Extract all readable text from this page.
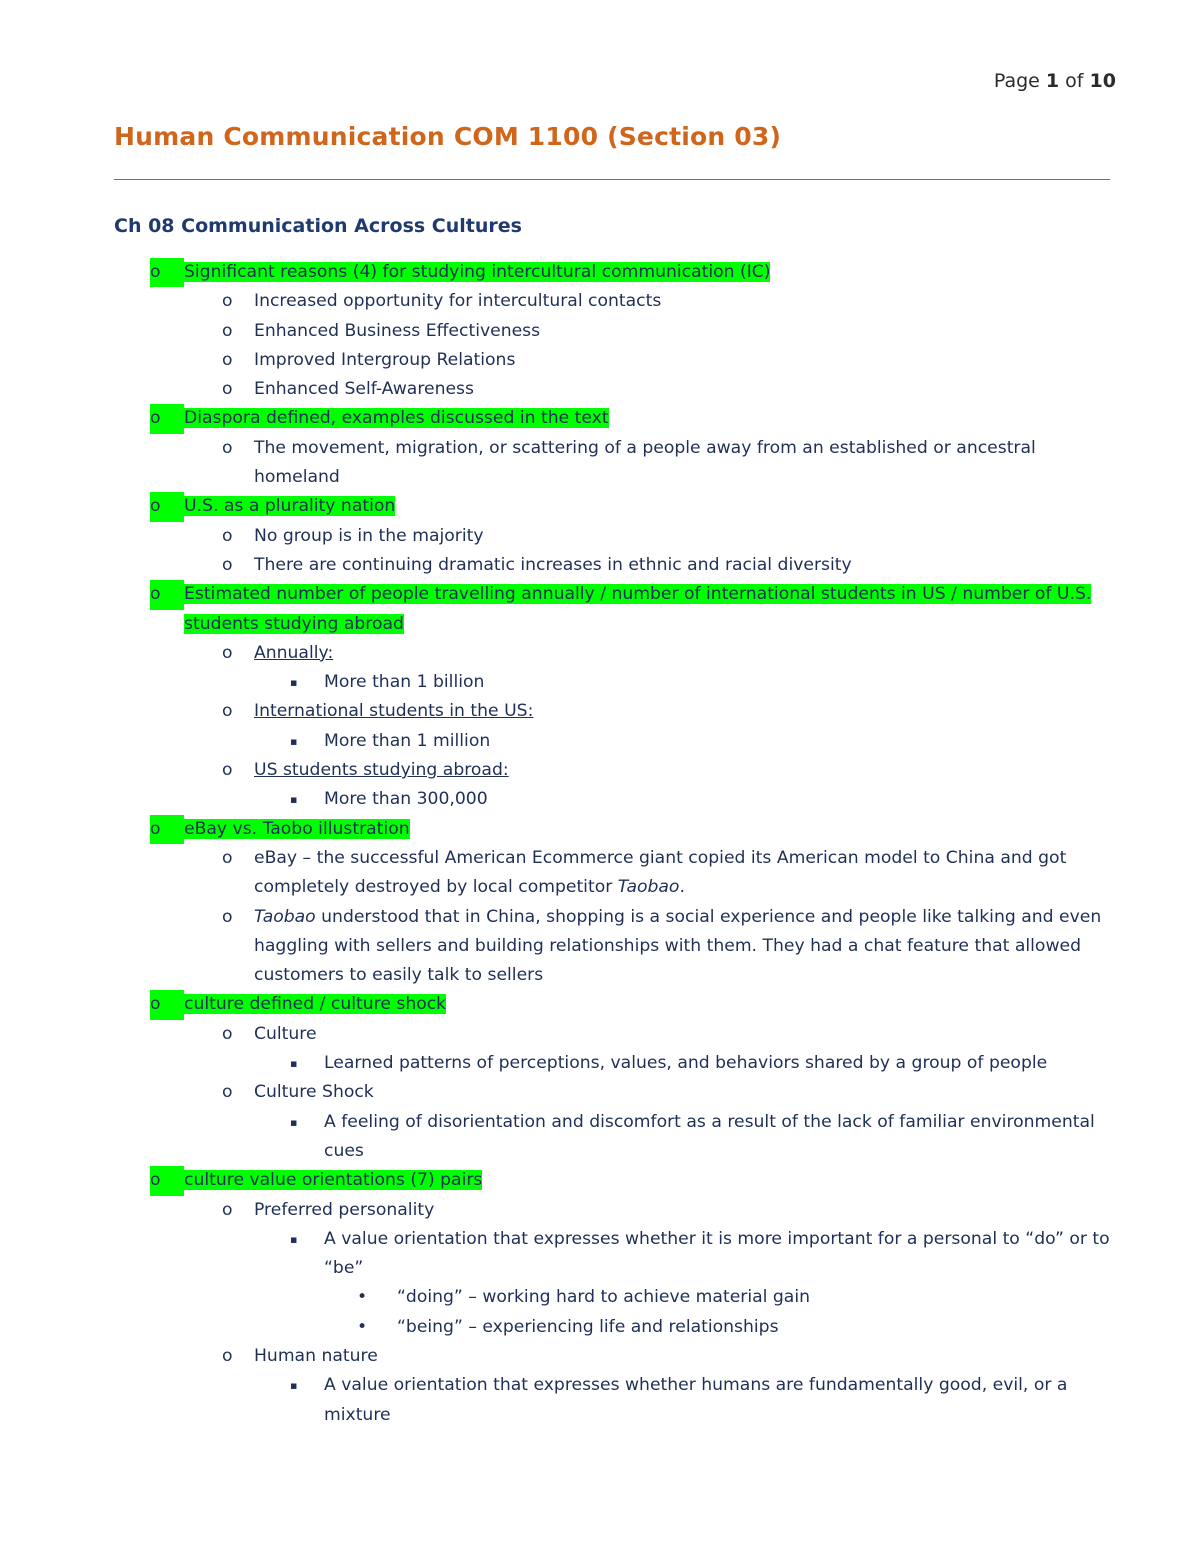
Page 1 of 10
Human Communication COM 1100 (Section 03)
Ch 08 Communication Across Cultures
o	Significant reasons (4) for studying intercultural communication (IC)
o Increased opportunity for intercultural contacts
o Enhanced Business Effectiveness
o Improved Intergroup Relations
o Enhanced Self-Awareness
o	Diaspora defined, examples discussed in the text
o The movement, migration, or scattering of a people away from an established or ancestral homeland
o	U.S. as a plurality nation
o No group is in the majority
o There are continuing dramatic increases in ethnic and racial diversity
o	Estimated number of people travelling annually / number of international students in US / number of U.S. students studying abroad
o Annually:
▪ More than 1 billion
o International students in the US:
▪ More than 1 million
o US students studying abroad:
▪ More than 300,000
o	eBay vs. Taobo illustration
o eBay – the successful American Ecommerce giant copied its American model to China and got completely destroyed by local competitor Taobao.
o Taobao understood that in China, shopping is a social experience and people like talking and even haggling with sellers and building relationships with them. They had a chat feature that allowed customers to easily talk to sellers
o	culture defined / culture shock
o Culture
▪ Learned patterns of perceptions, values, and behaviors shared by a group of people
o Culture Shock
▪ A feeling of disorientation and discomfort as a result of the lack of familiar environmental cues
o	culture value orientations (7) pairs
o Preferred personality
▪ A value orientation that expresses whether it is more important for a personal to “do” or to “be”
• “doing” – working hard to achieve material gain
• “being” – experiencing life and relationships
o Human nature
▪ A value orientation that expresses whether humans are fundamentally good, evil, or a mixture
